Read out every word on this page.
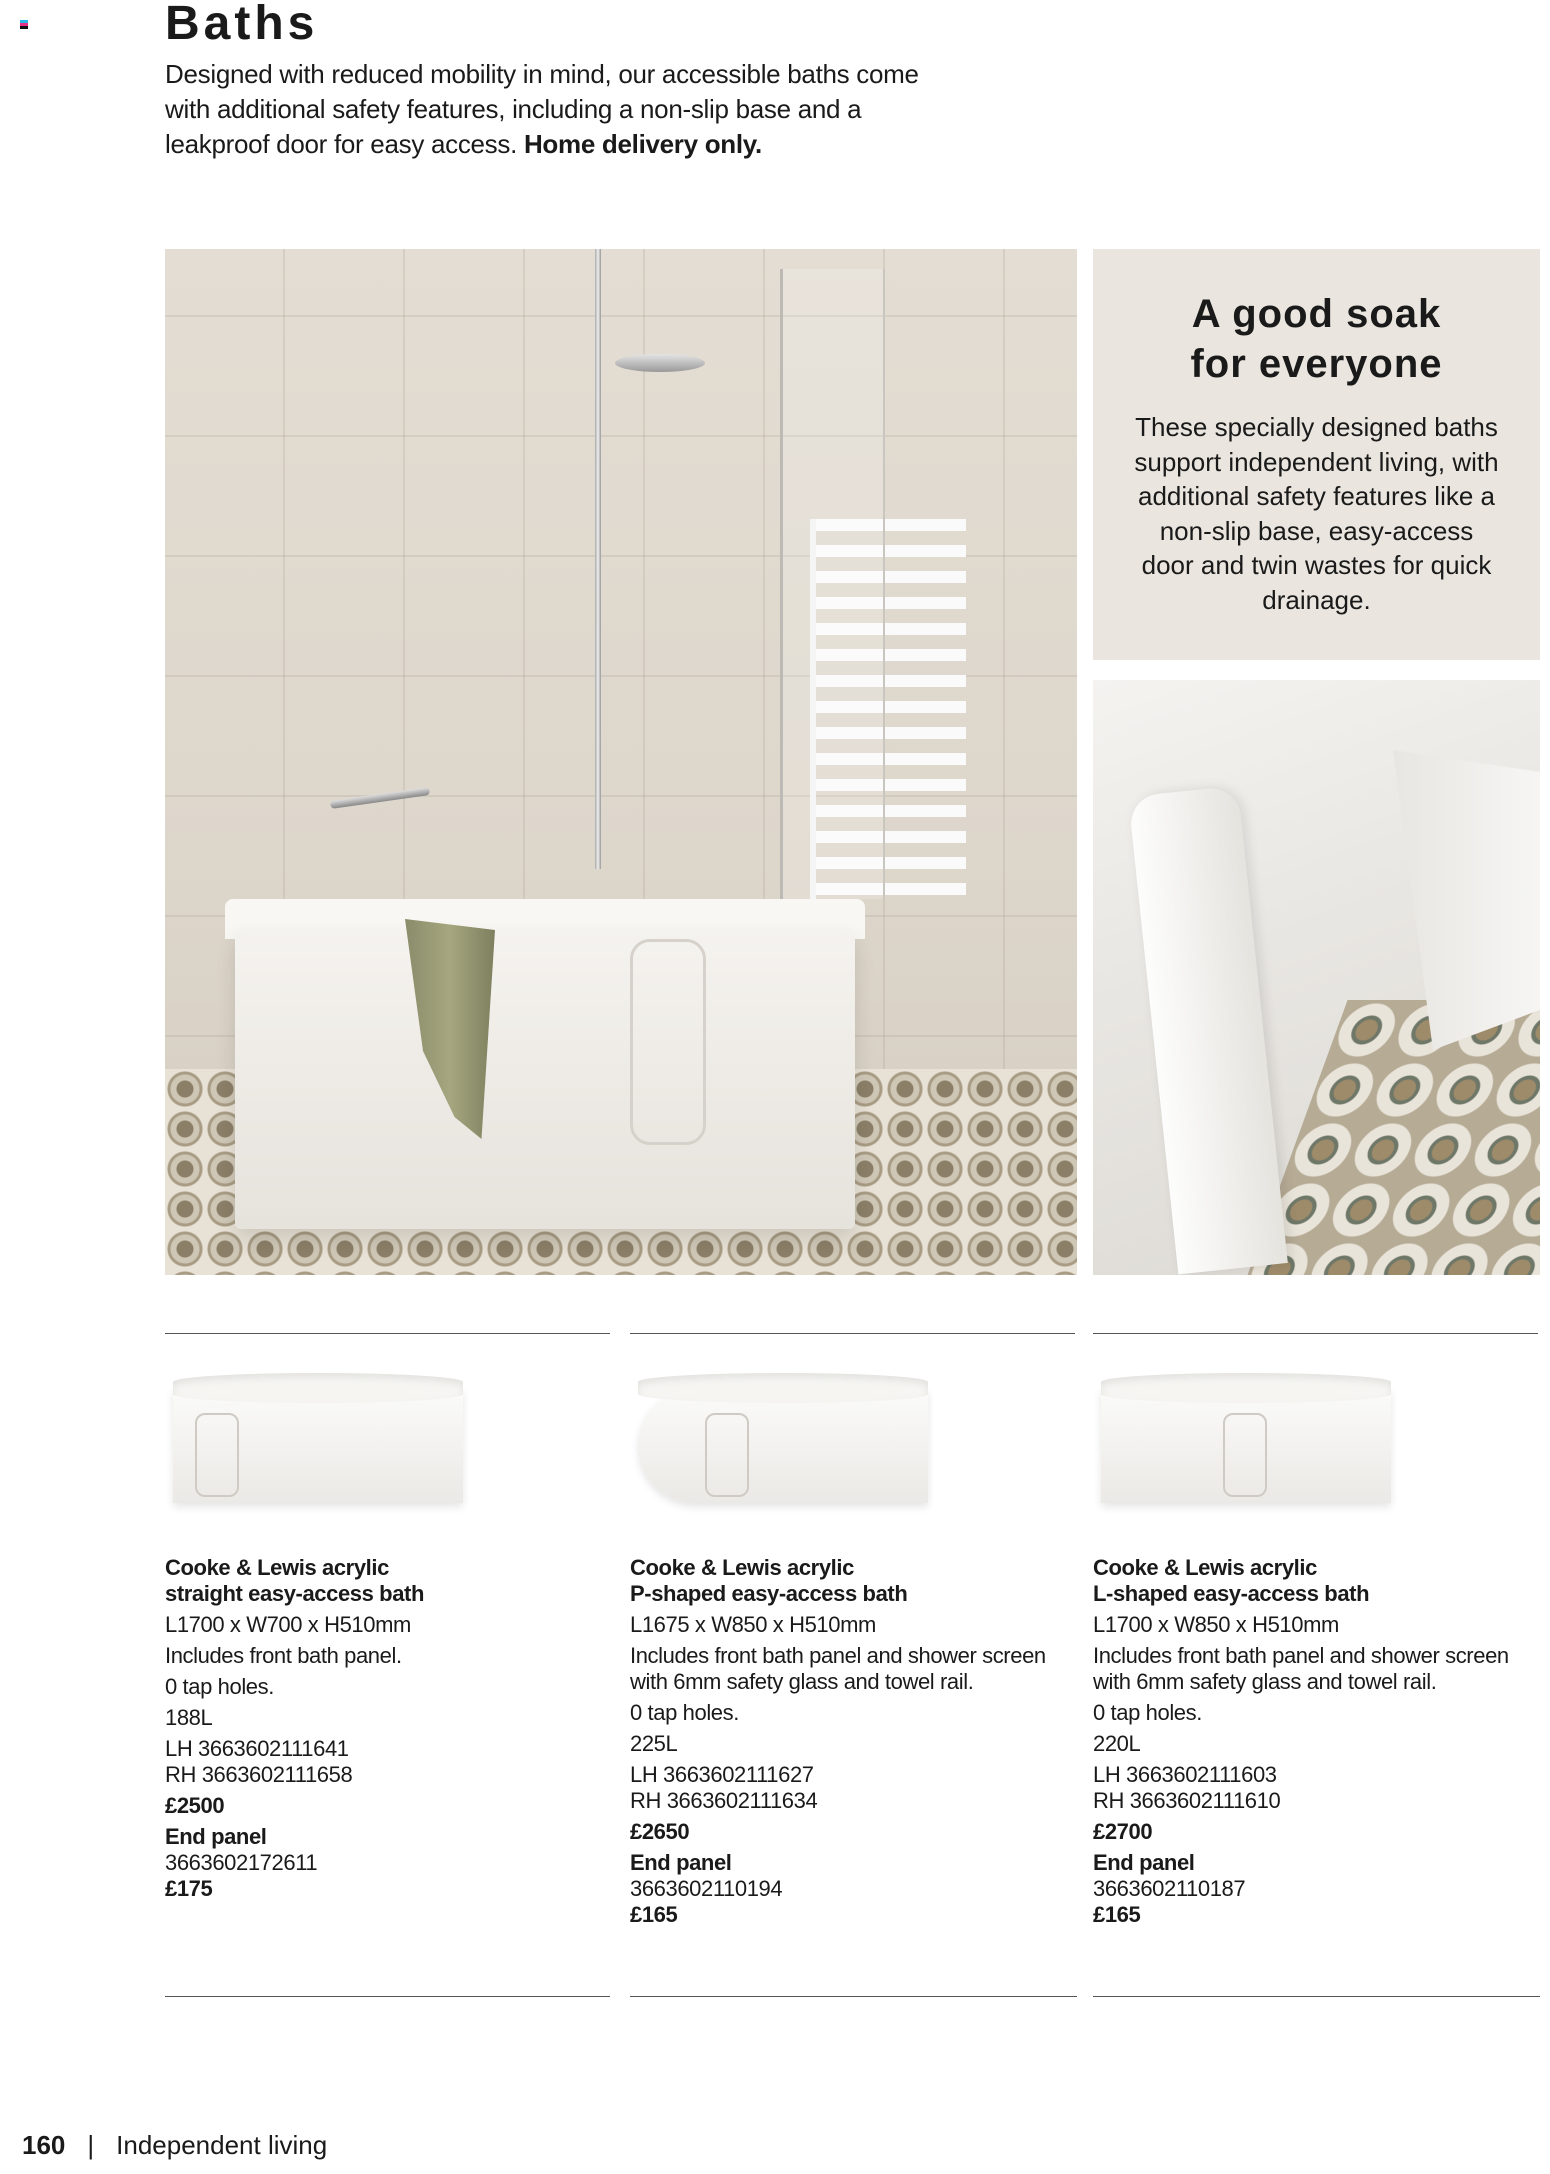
Baths

Designed with reduced mobility in mind, our accessible baths come with additional safety features, including a non-slip base and a leakproof door for easy access. Home delivery only.

A good soak
for everyone
These specially designed baths support independent living, with additional safety features like a non-slip base, easy-access door and twin wastes for quick drainage.
Cooke & Lewis acrylic
straight easy-access bath
L1700 x W700 x H510mm
Includes front bath panel.
0 tap holes.
188L
LH 3663602111641
RH 3663602111658
£2500
End panel
3663602172611
£175
Cooke & Lewis acrylic
P-shaped easy-access bath
L1675 x W850 x H510mm
Includes front bath panel and shower screen with 6mm safety glass and towel rail.
0 tap holes.
225L
LH 3663602111627
RH 3663602111634
£2650
End panel
3663602110194
£165
Cooke & Lewis acrylic
L-shaped easy-access bath
L1700 x W850 x H510mm
Includes front bath panel and shower screen with 6mm safety glass and towel rail.
0 tap holes.
220L
LH 3663602111603
RH 3663602111610
£2700
End panel
3663602110187
£165
160 | Independent living
